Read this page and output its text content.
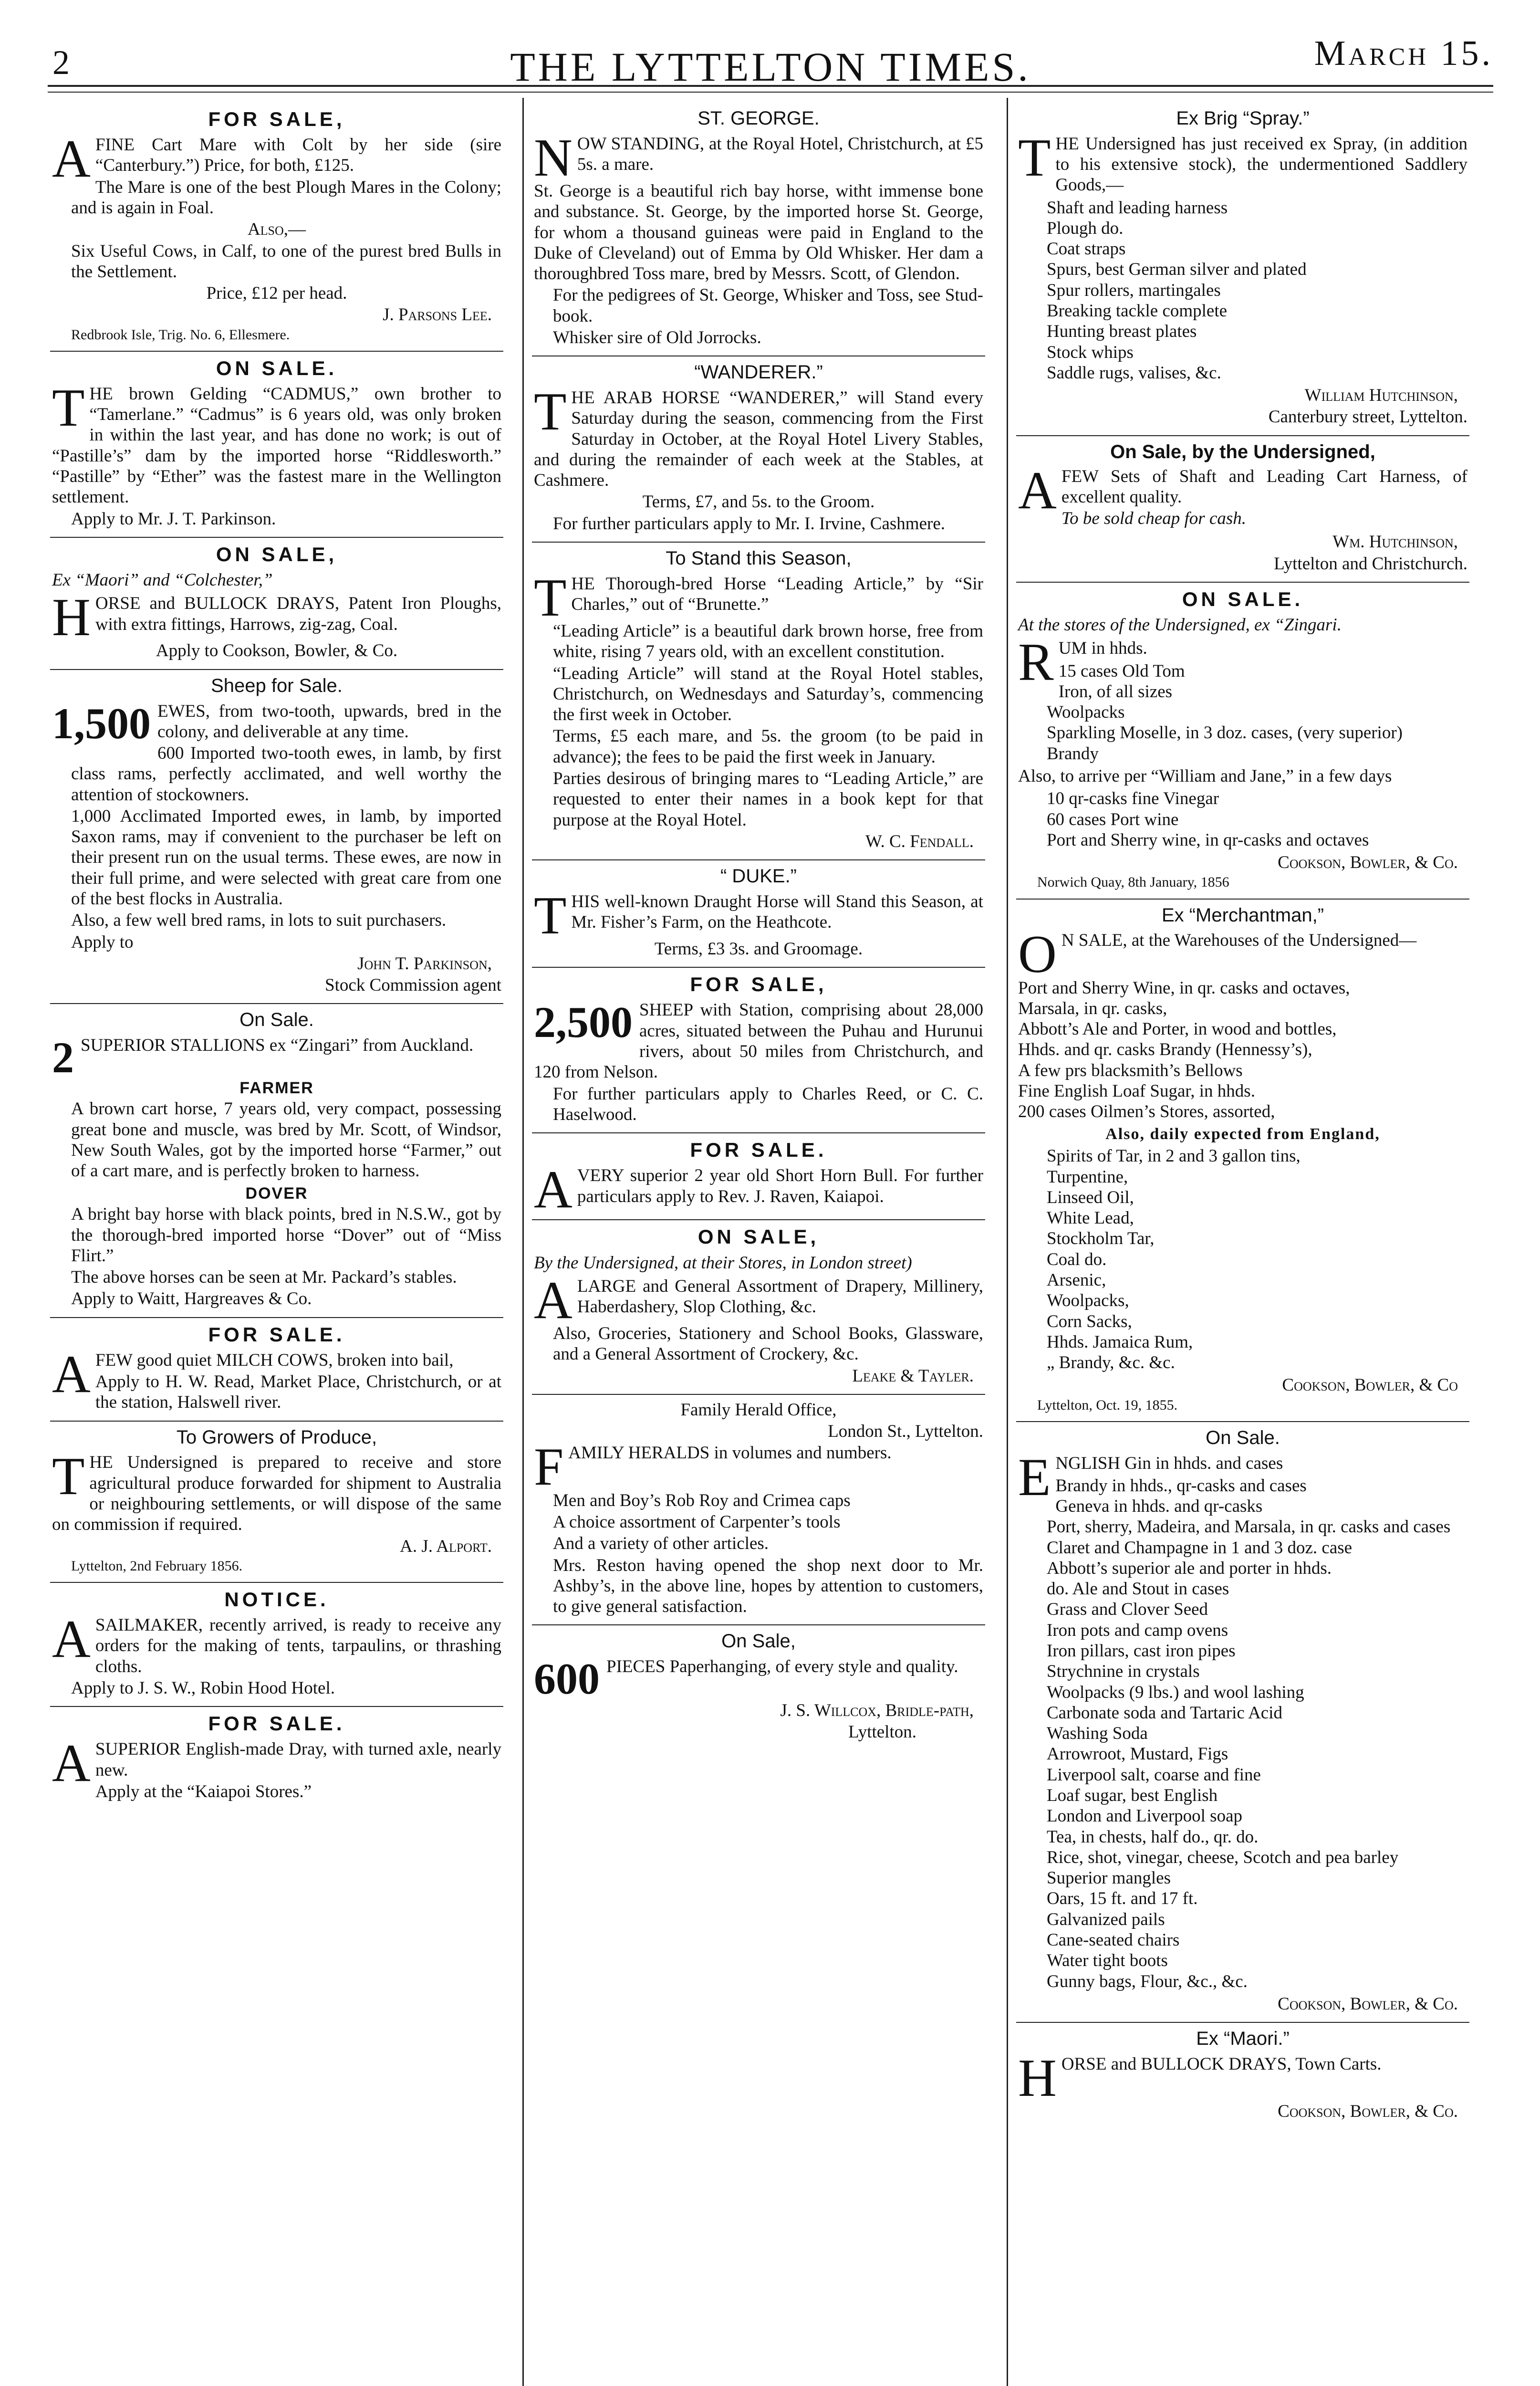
2	THE LYTTELTON TIMES.	March 15.
FOR SALE,

AFINE Cart Mare with Colt by her side (sire “Canterbury.”) Price, for both, £125.

The Mare is one of the best Plough Mares in the Colony; and is again in Foal.

Also,—

Six Useful Cows, in Calf, to one of the purest bred Bulls in the Settlement.

Price, £12 per head.

J. Parsons Lee.

Redbrook Isle, Trig. No. 6, Ellesmere.

ON SALE.

THE brown Gelding “CADMUS,” own brother to “Tamerlane.” “Cadmus” is 6 years old, was only broken in within the last year, and has done no work; is out of “Pastille’s” dam by the imported horse “Riddlesworth.” “Pastille” by “Ether” was the fastest mare in the Wellington settlement.

Apply to Mr. J. T. Parkinson.

ON SALE,

Ex “Maori” and “Colchester,”

HORSE and BULLOCK DRAYS, Patent Iron Ploughs, with extra fittings, Harrows, zig-zag, Coal.

Apply to Cookson, Bowler, & Co.

Sheep for Sale.

1,500 EWES, from two-tooth, upwards, bred in the colony, and deliverable at any time.

600 Imported two-tooth ewes, in lamb, by first class rams, perfectly acclimated, and well worthy the attention of stockowners.

1,000 Acclimated Imported ewes, in lamb, by imported Saxon rams, may if convenient to the purchaser be left on their present run on the usual terms. These ewes, are now in their full prime, and were selected with great care from one of the best flocks in Australia.

Also, a few well bred rams, in lots to suit purchasers.

Apply to

John T. Parkinson,

Stock Commission agent

On Sale.

2 SUPERIOR STALLIONS ex “Zingari” from Auckland.

FARMER

A brown cart horse, 7 years old, very compact, possessing great bone and muscle, was bred by Mr. Scott, of Windsor, New South Wales, got by the imported horse “Farmer,” out of a cart mare, and is perfectly broken to harness.

DOVER

A bright bay horse with black points, bred in N.S.W., got by the thorough-bred imported horse “Dover” out of “Miss Flirt.”

The above horses can be seen at Mr. Packard’s stables.

Apply to Waitt, Hargreaves & Co.

FOR SALE.

AFEW good quiet MILCH COWS, broken into bail,

Apply to H. W. Read, Market Place, Christchurch, or at the station, Halswell river.

To Growers of Produce,

THE Undersigned is prepared to receive and store agricultural produce forwarded for shipment to Australia or neighbouring settlements, or will dispose of the same on commission if required.

A. J. Alport.

Lyttelton, 2nd February 1856.

NOTICE.

ASAILMAKER, recently arrived, is ready to receive any orders for the making of tents, tarpaulins, or thrashing cloths.

Apply to J. S. W., Robin Hood Hotel.

FOR SALE.

ASUPERIOR English-made Dray, with turned axle, nearly new.

Apply at the “Kaiapoi Stores.”

ST. GEORGE.

NOW STANDING, at the Royal Hotel, Christchurch, at £5 5s. a mare.

St. George is a beautiful rich bay horse, witht immense bone and substance. St. George, by the imported horse St. George, for whom a thousand guineas were paid in England to the Duke of Cleveland) out of Emma by Old Whisker. Her dam a thoroughbred Toss mare, bred by Messrs. Scott, of Glendon.

For the pedigrees of St. George, Whisker and Toss, see Stud-book.

Whisker sire of Old Jorrocks.

“WANDERER.”

THE ARAB HORSE “WANDERER,” will Stand every Saturday during the season, commencing from the First Saturday in October, at the Royal Hotel Livery Stables, and during the remainder of each week at the Stables, at Cashmere.

Terms, £7, and 5s. to the Groom.

For further particulars apply to Mr. I. Irvine, Cashmere.

To Stand this Season,

THE Thorough-bred Horse “Leading Article,” by “Sir Charles,” out of “Brunette.”

“Leading Article” is a beautiful dark brown horse, free from white, rising 7 years old, with an excellent constitution.

“Leading Article” will stand at the Royal Hotel stables, Christchurch, on Wednesdays and Saturday’s, commencing the first week in October.

Terms, £5 each mare, and 5s. the groom (to be paid in advance); the fees to be paid the first week in January.

Parties desirous of bringing mares to “Leading Article,” are requested to enter their names in a book kept for that purpose at the Royal Hotel.

W. C. Fendall.

“ DUKE.”

THIS well-known Draught Horse will Stand this Season, at Mr. Fisher’s Farm, on the Heathcote.

Terms, £3 3s. and Groomage.

FOR SALE,

2,500 SHEEP with Station, comprising about 28,000 acres, situated between the Puhau and Hurunui rivers, about 50 miles from Christchurch, and 120 from Nelson.

For further particulars apply to Charles Reed, or C. C. Haselwood.

FOR SALE.

AVERY superior 2 year old Short Horn Bull. For further particulars apply to Rev. J. Raven, Kaiapoi.

ON SALE,

By the Undersigned, at their Stores, in London street)

ALARGE and General Assortment of Drapery, Millinery, Haberdashery, Slop Clothing, &c.

Also, Groceries, Stationery and School Books, Glassware, and a General Assortment of Crockery, &c.

Leake & Tayler.

Family Herald Office,

London St., Lyttelton.

FAMILY HERALDS in volumes and numbers.

Men and Boy’s Rob Roy and Crimea caps

A choice assortment of Carpenter’s tools

And a variety of other articles.

Mrs. Reston having opened the shop next door to Mr. Ashby’s, in the above line, hopes by attention to customers, to give general satisfaction.

On Sale,

600 PIECES Paperhanging, of every style and quality.

J. S. Willcox, Bridle-path,

Lyttelton.

Ex Brig “Spray.”

THE Undersigned has just received ex Spray, (in addition to his extensive stock), the undermentioned Saddlery Goods,—

Shaft and leading harness
Plough do.
Coat straps
Spurs, best German silver and plated
Spur rollers, martingales
Breaking tackle complete
Hunting breast plates
Stock whips
Saddle rugs, valises, &c.

William Hutchinson,

Canterbury street, Lyttelton.

On Sale, by the Undersigned,

AFEW Sets of Shaft and Leading Cart Harness, of excellent quality.

To be sold cheap for cash.

Wm. Hutchinson,

Lyttelton and Christchurch.

ON SALE.

At the stores of the Undersigned, ex “Zingari.

RUM in hhds.

15 cases Old Tom
Iron, of all sizes
Woolpacks
Sparkling Moselle, in 3 doz. cases, (very superior)
Brandy

Also, to arrive per “William and Jane,” in a few days

10 qr-casks fine Vinegar
60 cases Port wine
Port and Sherry wine, in qr-casks and octaves

Cookson, Bowler, & Co.

Norwich Quay, 8th January, 1856

Ex “Merchantman,”

O N SALE, at the Warehouses of the Undersigned—

Port and Sherry Wine, in qr. casks and octaves,
Marsala, in qr. casks,
Abbott’s Ale and Porter, in wood and bottles,
Hhds. and qr. casks Brandy (Hennessy’s),
A few prs blacksmith’s Bellows
Fine English Loaf Sugar, in hhds.
200 cases Oilmen’s Stores, assorted,
Also, daily expected from England,
Spirits of Tar, in 2 and 3 gallon tins,
Turpentine,
Linseed Oil,
White Lead,
Stockholm Tar,
Coal do.
Arsenic,
Woolpacks,
Corn Sacks,
Hhds. Jamaica Rum,
„ Brandy, &c. &c.

Cookson, Bowler, & Co

Lyttelton, Oct. 19, 1855.

On Sale.

ENGLISH Gin in hhds. and cases

Brandy in hhds., qr-casks and cases
Geneva in hhds. and qr-casks
Port, sherry, Madeira, and Marsala, in qr. casks and cases
Claret and Champagne in 1 and 3 doz. case
Abbott’s superior ale and porter in hhds.
do. Ale and Stout in cases
Grass and Clover Seed
Iron pots and camp ovens
Iron pillars, cast iron pipes
Strychnine in crystals
Woolpacks (9 lbs.) and wool lashing
Carbonate soda and Tartaric Acid
Washing Soda
Arrowroot, Mustard, Figs
Liverpool salt, coarse and fine
Loaf sugar, best English
London and Liverpool soap
Tea, in chests, half do., qr. do.
Rice, shot, vinegar, cheese, Scotch and pea barley
Superior mangles
Oars, 15 ft. and 17 ft.
Galvanized pails
Cane-seated chairs
Water tight boots
Gunny bags, Flour, &c., &c.

Cookson, Bowler, & Co.

Ex “Maori.”

HORSE and BULLOCK DRAYS, Town Carts.

Cookson, Bowler, & Co.
